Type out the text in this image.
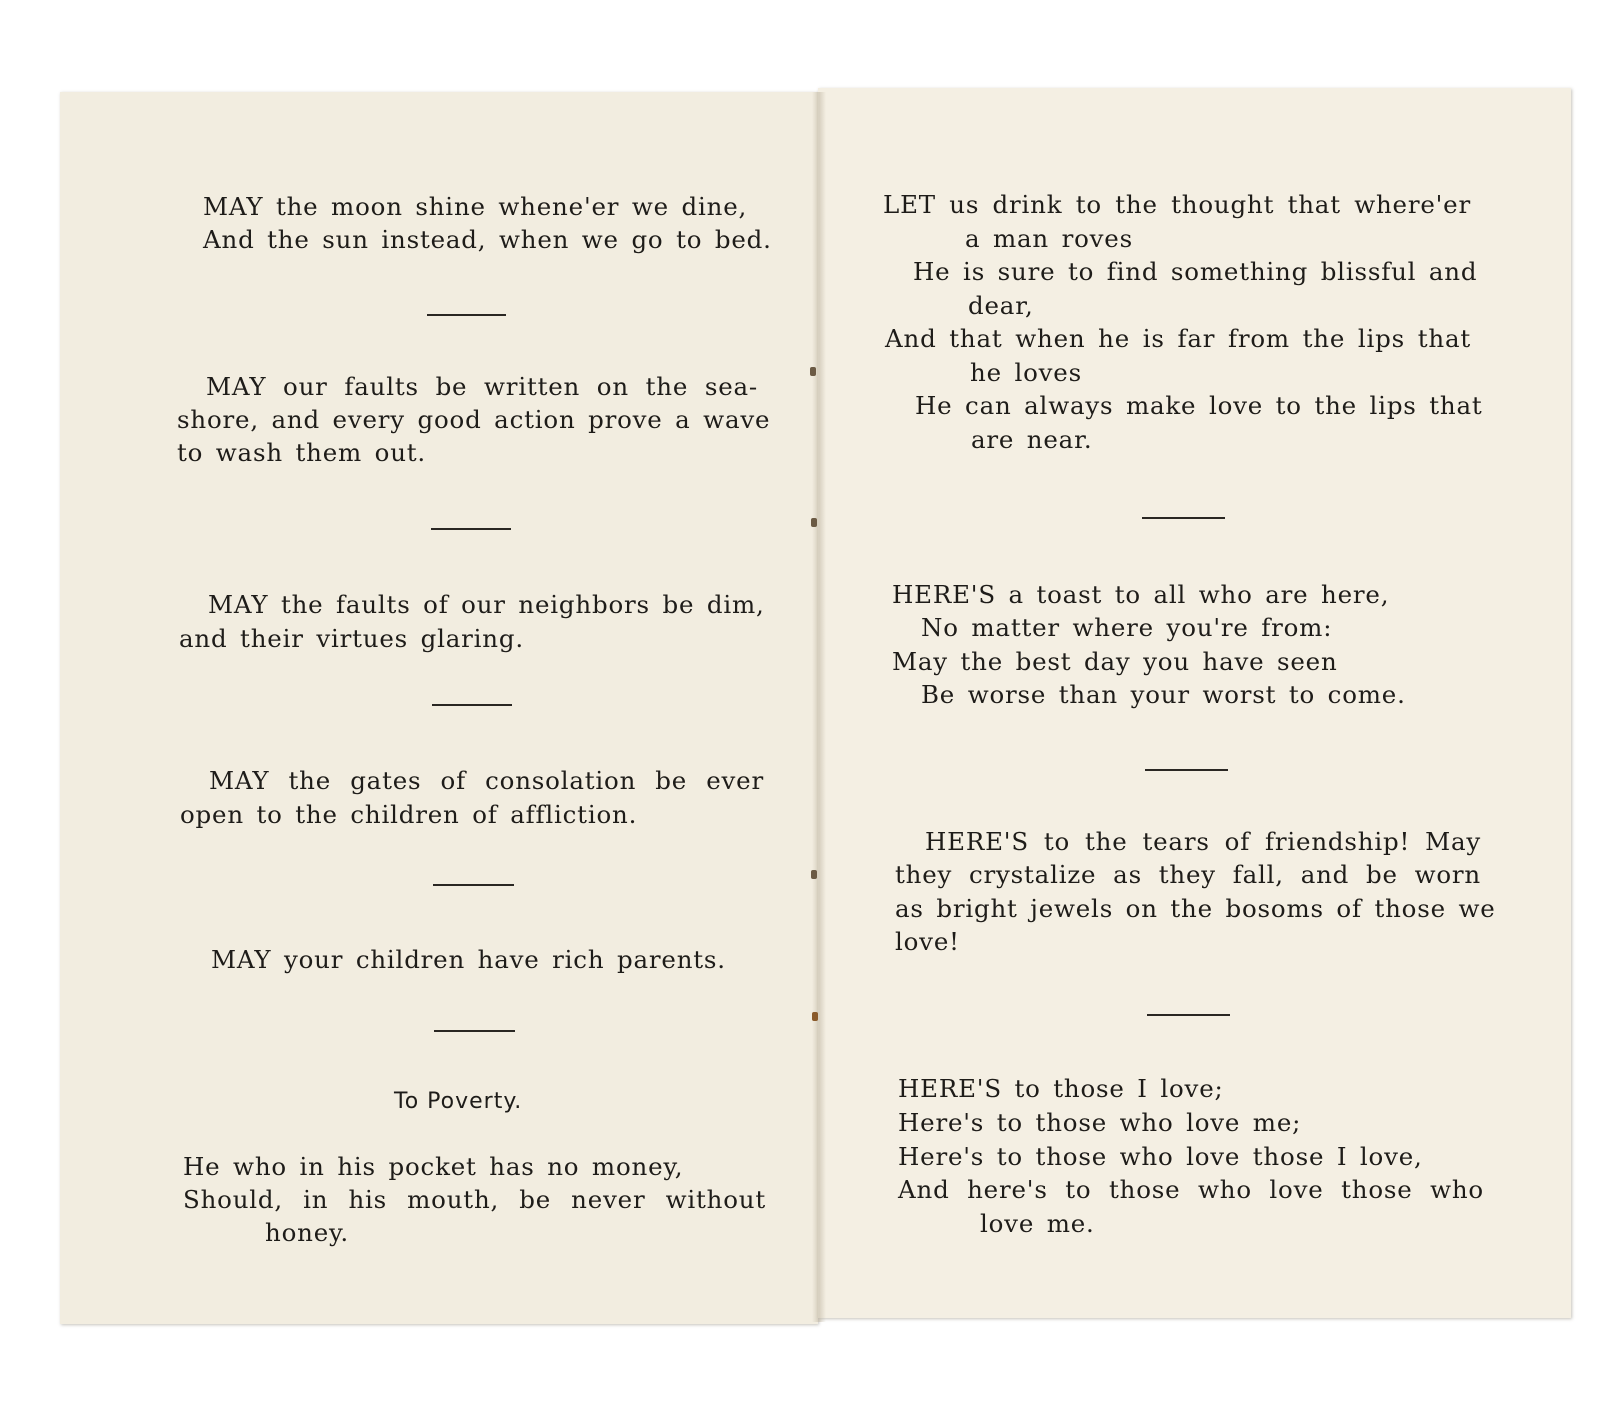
MAY the moon shine whene'er we dine,
And the sun instead, when we go to bed.
MAY our faults be written on the sea-
shore, and every good action prove a wave
to wash them out.
MAY the faults of our neighbors be dim,
and their virtues glaring.
MAY the gates of consolation be ever
open to the children of affliction.
MAY your children have rich parents.
To Poverty.
He who in his pocket has no money,
Should, in his mouth, be never without
honey.
LET us drink to the thought that where'er
a man roves
He is sure to find something blissful and
dear,
And that when he is far from the lips that
he loves
He can always make love to the lips that
are near.
HERE'S a toast to all who are here,
No matter where you're from:
May the best day you have seen
Be worse than your worst to come.
HERE'S to the tears of friendship! May
they crystalize as they fall, and be worn
as bright jewels on the bosoms of those we
love!
HERE'S to those I love;
Here's to those who love me;
Here's to those who love those I love,
And here's to those who love those who
love me.
